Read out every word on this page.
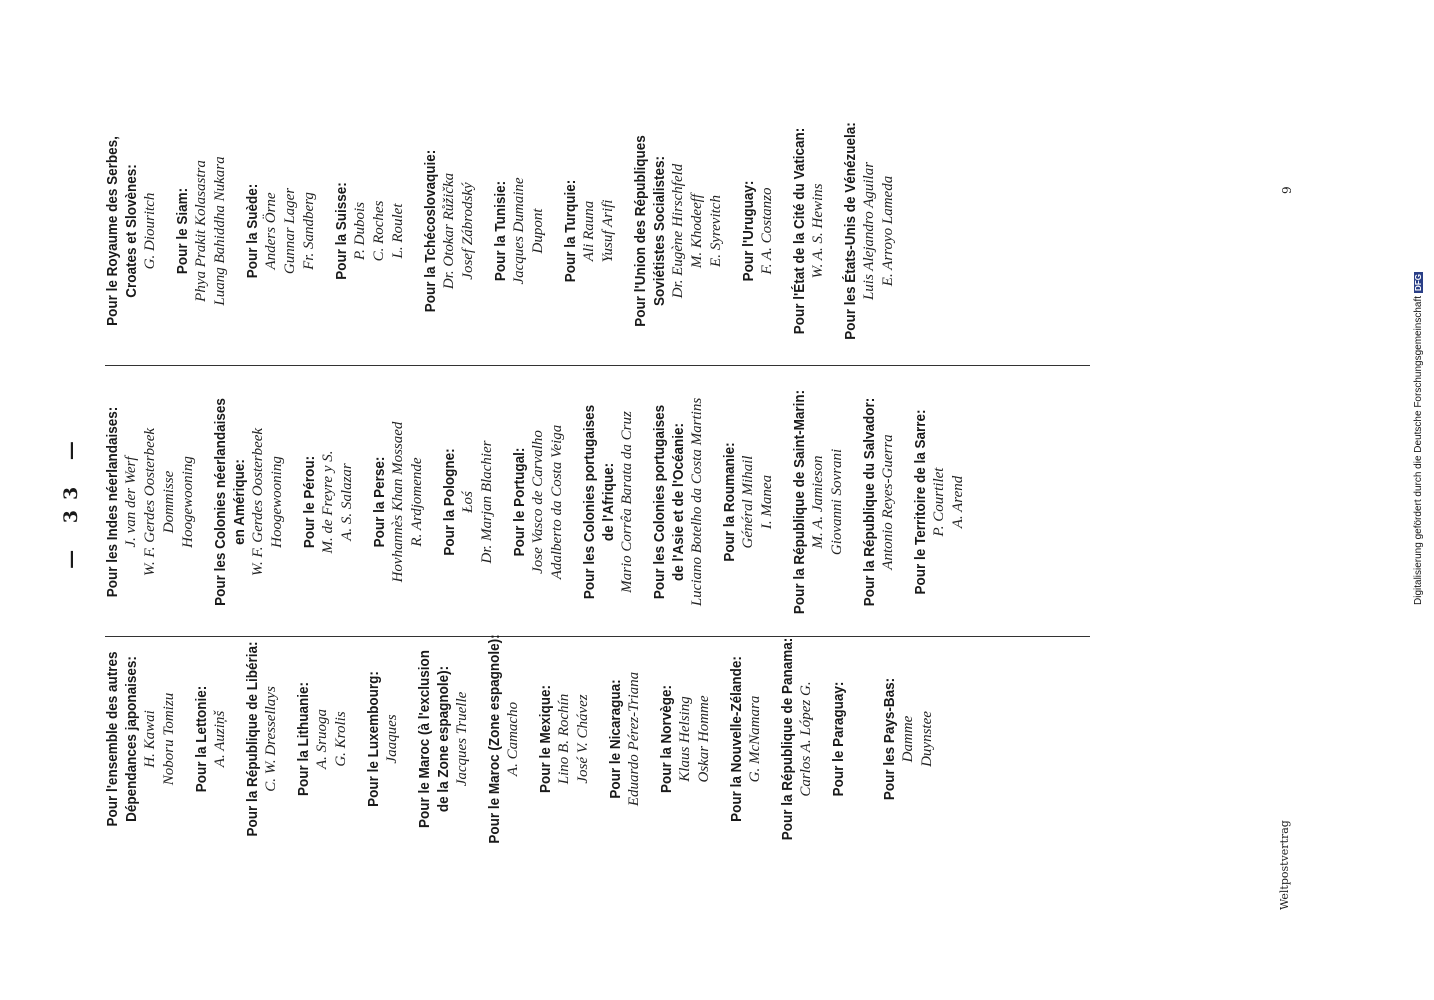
— 33 —
Pour l'ensemble des autres Dépendances japonaises: H. Kawai Noboru Tomizu Pour la Lettonie: A. Auziņš Pour la République de Libéria: C. W. Dressellays Pour la Lithuanie: A. Sruoga G. Krolis Pour le Luxembourg: Jaaques Pour le Maroc (à l'exclusion de la Zone espagnole): Jacques Truelle Pour le Maroc (Zone espagnole): A. Camacho Pour le Mexique: Lino B. Rochín José V. Chávez Pour le Nicaragua: Eduardo Pérez-Triana Pour la Norvège: Klaus Helsing Oskar Homme Pour la Nouvelle-Zélande: G. McNamara Pour la République de Panama: Carlos A. López G. Pour le Paraguay:
Pour les Pays-Bas: Damme Duynstee
Pour les Indes néerlandaises: J. van der Werf W. F. Gerdes Oosterbeek Dommisse Hoogewooning Pour les Colonies néerlandaises en Amérique: W. F. Gerdes Oosterbeek Hoogewooning Pour le Pérou: M. de Freyre y S. A. S. Salazar Pour la Perse: Hovhannès Khan Mossaed R. Ardjomende Pour la Pologne: Łoś Dr. Marjan Blachier Pour le Portugal: Jose Vasco de Carvalho Adalberto da Costa Veiga Pour les Colonies portugaises de l'Afrique: Mario Corrêa Barata da Cruz Pour les Colonies portugaises de l'Asie et de l'Océanie: Luciano Botelho da Costa Martins Pour la Roumanie: Général Mihail I. Manea Pour la République de Saint-Marin: M. A. Jamieson Giovanni Sovrani Pour la République du Salvador: Antonio Reyes-Guerra Pour le Territoire de la Sarre: P. Courtilet A. Arend
Pour le Royaume des Serbes, Croates et Slovènes: G. Diouritch Pour le Siam: Phya Prakit Kolasastra Luang Bahiddha Nukara Pour la Suède: Anders Örne Gunnar Lager Fr. Sandberg Pour la Suisse: P. Dubois C. Roches L. Roulet Pour la Tchécoslovaquie: Dr. Otokar Růžička Josef Zábrodský Pour la Tunisie: Jacques Dumaine Dupont Pour la Turquie: Ali Rauna Yusuf Arifi Pour l'Union des Républiques Soviétistes Socialistes: Dr. Eugène Hirschfeld M. Khodeeff E. Syrevitch Pour l'Uruguay: F. A. Costanzo Pour l'État de la Cité du Vatican: W. A. S. Hewins Pour les États-Unis de Vénézuela: Luis Alejandro Aguilar E. Arroyo Lameda
Weltpostvertrag
9
Digitalisierung gefördert durch die Deutsche ForschungsgemeinschaftDFG
